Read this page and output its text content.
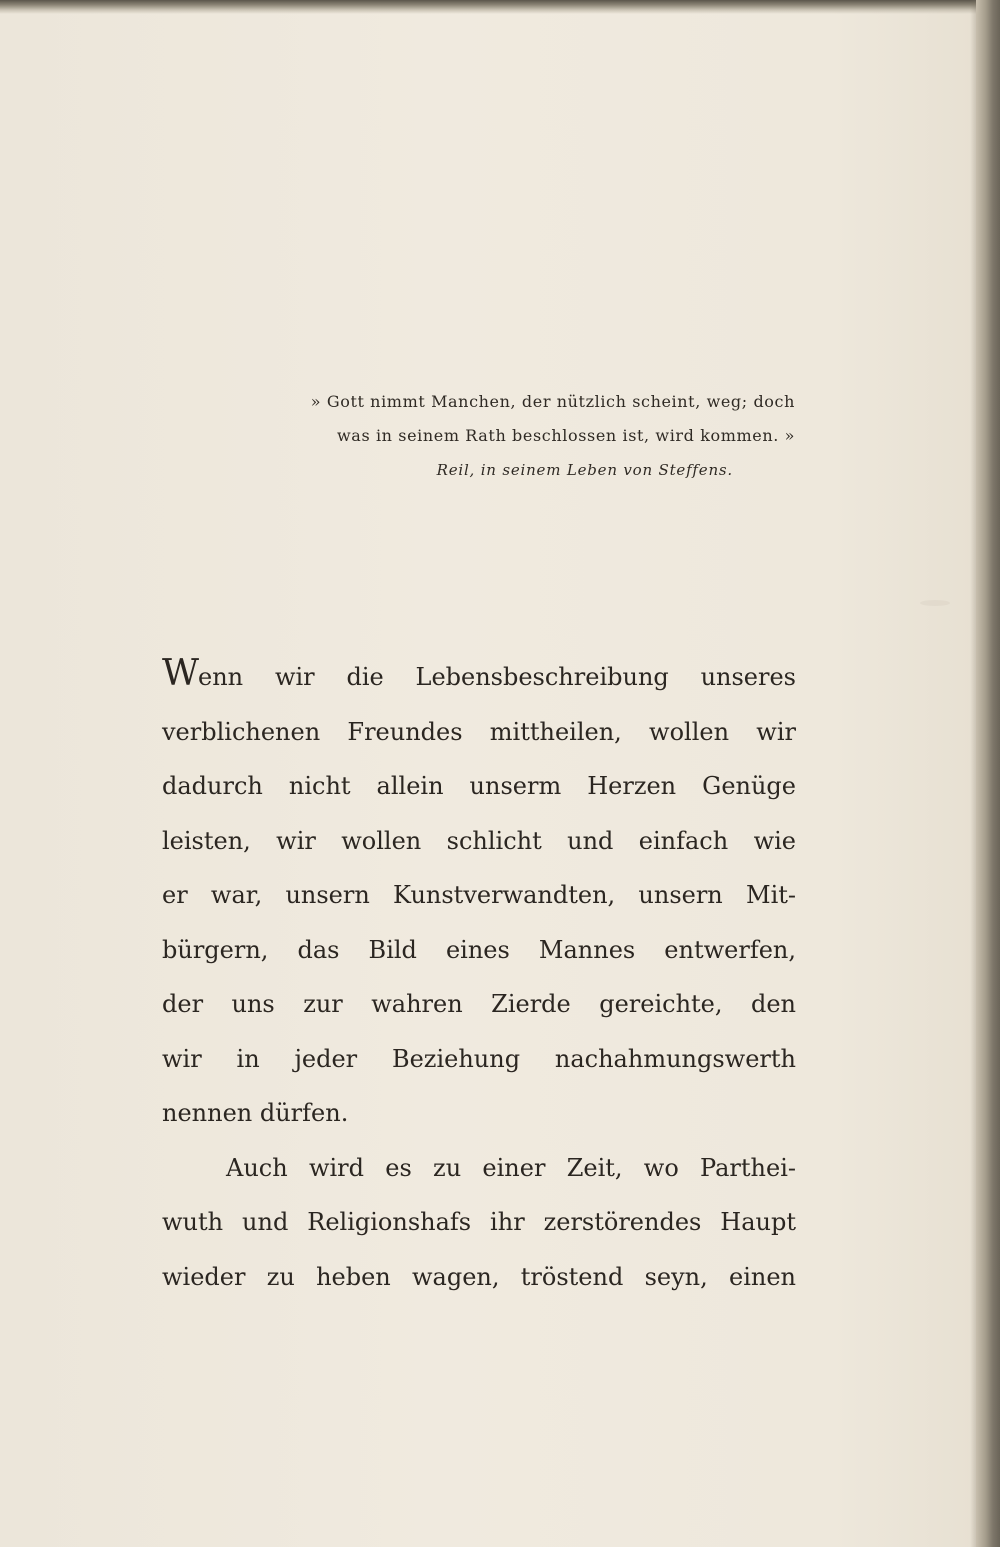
» Gott nimmt Manchen, der nützlich scheint, weg; doch
was in seinem Rath beschlossen ist, wird kommen. »
Reil, in seinem Leben von Steffens.
Wenn wir die Lebensbeschreibung unseres
verblichenen Freundes mittheilen, wollen wir
dadurch nicht allein unserm Herzen Genüge
leisten, wir wollen schlicht und einfach wie
er war, unsern Kunstverwandten, unsern Mit-
bürgern, das Bild eines Mannes entwerfen,
der uns zur wahren Zierde gereichte, den
wir in jeder Beziehung nachahmungswerth
nennen dürfen.
Auch wird es zu einer Zeit, wo Parthei-
wuth und Religionshafs ihr zerstörendes Haupt
wieder zu heben wagen, tröstend seyn, einen
